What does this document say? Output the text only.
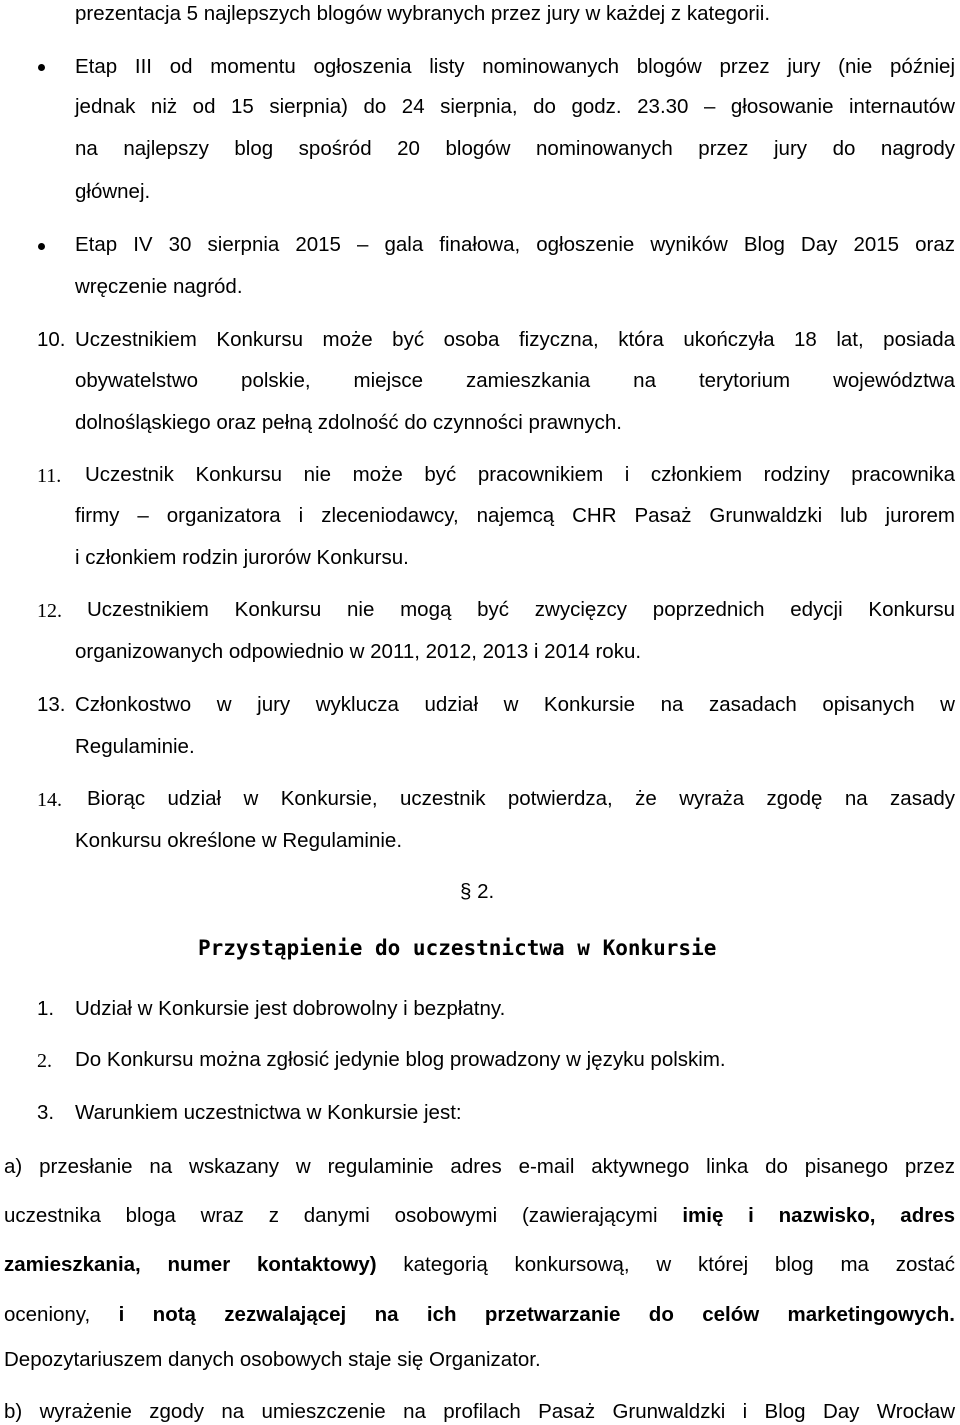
prezentacja 5 najlepszych blogów wybranych przez jury w każdej z kategorii.
Etap III od momentu ogłoszenia listy nominowanych blogów przez jury (nie później
jednak niż od 15 sierpnia) do 24 sierpnia, do godz. 23.30 – głosowanie internautów
na najlepszy blog spośród 20 blogów nominowanych przez jury do nagrody
głównej.
Etap IV 30 sierpnia 2015 – gala finałowa, ogłoszenie wyników Blog Day 2015 oraz
wręczenie nagród.
10. Uczestnikiem Konkursu może być osoba fizyczna, która ukończyła 18 lat, posiada
obywatelstwo polskie, miejsce zamieszkania na terytorium województwa
dolnośląskiego oraz pełną zdolność do czynności prawnych.
11. Uczestnik Konkursu nie może być pracownikiem i członkiem rodziny pracownika
firmy – organizatora i zleceniodawcy, najemcą CHR Pasaż Grunwaldzki lub jurorem
i członkiem rodzin jurorów Konkursu.
12. Uczestnikiem Konkursu nie mogą być zwycięzcy poprzednich edycji Konkursu
organizowanych odpowiednio w 2011, 2012, 2013 i 2014 roku.
13. Członkostwo w jury wyklucza udział w Konkursie na zasadach opisanych w
Regulaminie.
14. Biorąc udział w Konkursie, uczestnik potwierdza, że wyraża zgodę na zasady
Konkursu określone w Regulaminie.
§ 2.
Przystąpienie do uczestnictwa w Konkursie
1. Udział w Konkursie jest dobrowolny i bezpłatny.
2. Do Konkursu można zgłosić jedynie blog prowadzony w języku polskim.
3. Warunkiem uczestnictwa w Konkursie jest:
a) przesłanie na wskazany w regulaminie adres e-mail aktywnego linka do pisanego przez
uczestnika bloga wraz z danymi osobowymi (zawierającymi imię i nazwisko, adres
zamieszkania, numer kontaktowy) kategorią konkursową, w której blog ma zostać
oceniony, i notą zezwalającej na ich przetwarzanie do celów marketingowych.
Depozytariuszem danych osobowych staje się Organizator.
b) wyrażenie zgody na umieszczenie na profilach Pasaż Grunwaldzki i Blog Day Wrocław
